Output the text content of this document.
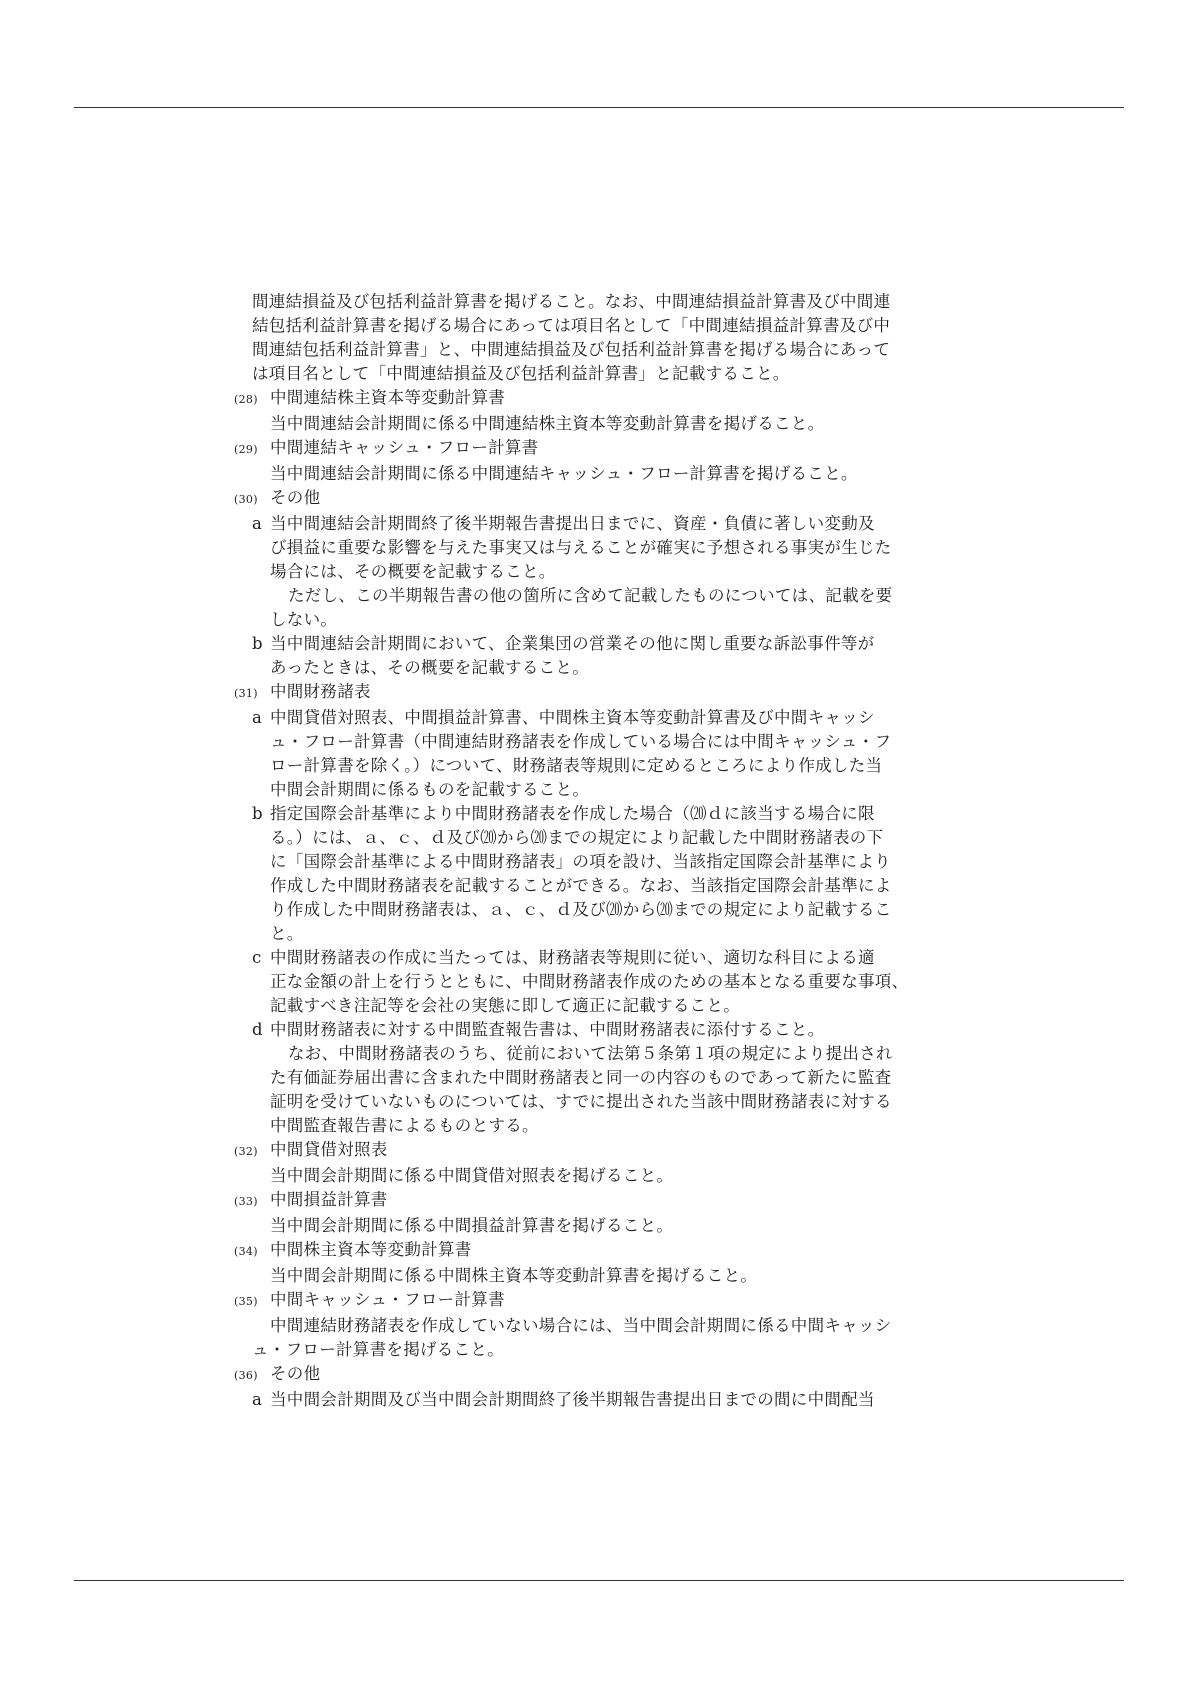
間連結損益及び包括利益計算書を掲げること。なお、中間連結損益計算書及び中間連
結包括利益計算書を掲げる場合にあっては項目名として「中間連結損益計算書及び中
間連結包括利益計算書」と、中間連結損益及び包括利益計算書を掲げる場合にあって
は項目名として「中間連結損益及び包括利益計算書」と記載すること。
(28) 中間連結株主資本等変動計算書
当中間連結会計期間に係る中間連結株主資本等変動計算書を掲げること。
(29) 中間連結キャッシュ・フロー計算書
当中間連結会計期間に係る中間連結キャッシュ・フロー計算書を掲げること。
(30) その他
a 当中間連結会計期間終了後半期報告書提出日までに、資産・負債に著しい変動及
び損益に重要な影響を与えた事実又は与えることが確実に予想される事実が生じた
場合には、その概要を記載すること。
ただし、この半期報告書の他の箇所に含めて記載したものについては、記載を要
しない。
b 当中間連結会計期間において、企業集団の営業その他に関し重要な訴訟事件等が
あったときは、その概要を記載すること。
(31) 中間財務諸表
a 中間貸借対照表、中間損益計算書、中間株主資本等変動計算書及び中間キャッシ
ュ・フロー計算書（中間連結財務諸表を作成している場合には中間キャッシュ・フ
ロー計算書を除く。）について、財務諸表等規則に定めるところにより作成した当
中間会計期間に係るものを記載すること。
b 指定国際会計基準により中間財務諸表を作成した場合（⒇ｄに該当する場合に限
る。）には、ａ、ｃ、ｄ及び⒇から⒇までの規定により記載した中間財務諸表の下
に「国際会計基準による中間財務諸表」の項を設け、当該指定国際会計基準により
作成した中間財務諸表を記載することができる。なお、当該指定国際会計基準によ
り作成した中間財務諸表は、ａ、ｃ、ｄ及び⒇から⒇までの規定により記載するこ
と。
c 中間財務諸表の作成に当たっては、財務諸表等規則に従い、適切な科目による適
正な金額の計上を行うとともに、中間財務諸表作成のための基本となる重要な事項、
記載すべき注記等を会社の実態に即して適正に記載すること。
d 中間財務諸表に対する中間監査報告書は、中間財務諸表に添付すること。
なお、中間財務諸表のうち、従前において法第５条第１項の規定により提出され
た有価証券届出書に含まれた中間財務諸表と同一の内容のものであって新たに監査
証明を受けていないものについては、すでに提出された当該中間財務諸表に対する
中間監査報告書によるものとする。
(32) 中間貸借対照表
当中間会計期間に係る中間貸借対照表を掲げること。
(33) 中間損益計算書
当中間会計期間に係る中間損益計算書を掲げること。
(34) 中間株主資本等変動計算書
当中間会計期間に係る中間株主資本等変動計算書を掲げること。
(35) 中間キャッシュ・フロー計算書
中間連結財務諸表を作成していない場合には、当中間会計期間に係る中間キャッシ
ュ・フロー計算書を掲げること。
(36) その他
a 当中間会計期間及び当中間会計期間終了後半期報告書提出日までの間に中間配当
